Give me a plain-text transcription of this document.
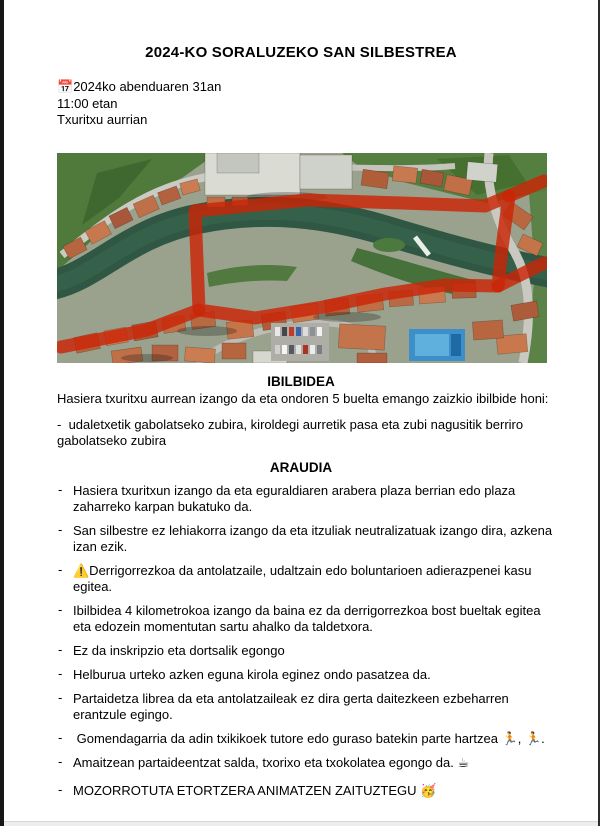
2024-KO SORALUZEKO SAN SILBESTREA
📅2024ko abenduaren 31an
11:00 etan
Txuritxu aurrian
IBILBIDEA

Hasiera txuritxu aurrean izango da eta ondoren 5 buelta emango zaizkio ibilbide honi:

-  udaletxetik gabolatseko zubira, kiroldegi aurretik pasa eta zubi nagusitik berriro gabolatseko zubira

ARAUDIA
- Hasiera txuritxun izango da eta eguraldiaren arabera plaza berrian edo plaza zaharreko karpan bukatuko da.
- San silbestre ez lehiakorra izango da eta itzuliak neutralizatuak izango dira, azkena izan ezik.
- ⚠️Derrigorrezkoa da antolatzaile, udaltzain edo boluntarioen adierazpenei kasu egitea.
- Ibilbidea 4 kilometrokoa izango da baina ez da derrigorrezkoa bost bueltak egitea eta edozein momentutan sartu ahalko da taldetxora.
- Ez da inskripzio eta dortsalik egongo
- Helburua urteko azken eguna kirola eginez ondo pasatzea da.
- Partaidetza librea da eta antolatzaileak ez dira gerta daitezkeen ezbeharren erantzule egingo.
-  Gomendagarria da adin txikikoek tutore edo guraso batekin parte hartzea 🏃, 🏃.
- Amaitzean partaideentzat salda, txorixo eta txokolatea egongo da. ☕
- MOZORROTUTA ETORTZERA ANIMATZEN ZAITUZTEGU 🥳
